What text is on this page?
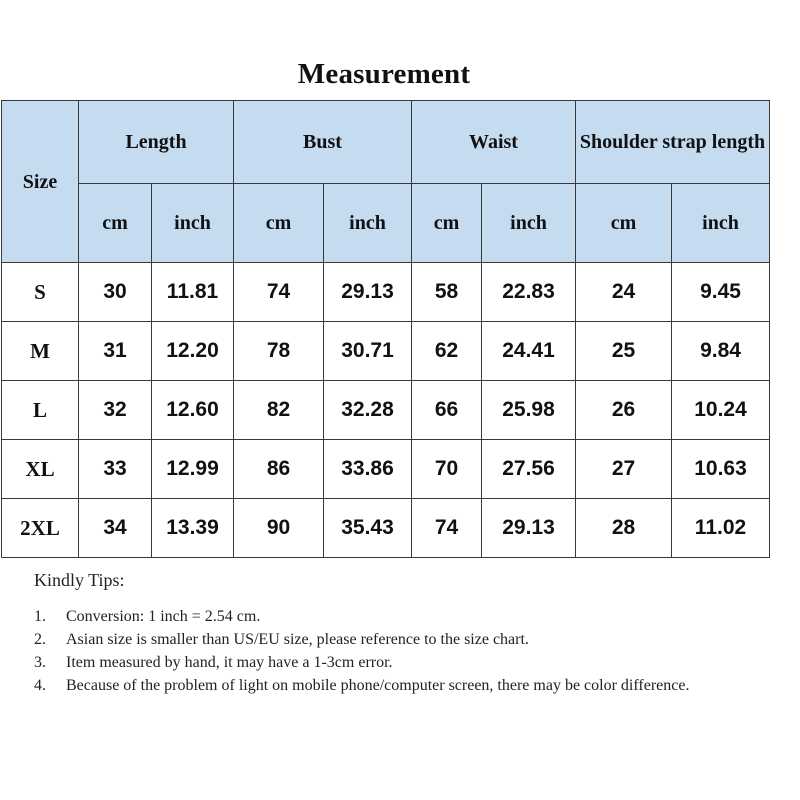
Measurement
Size	Length		Bust		Waist		Shoulder strap length	
	cm	inch	cm	inch	cm	inch	cm	inch
S	30	11.81	74	29.13	58	22.83	24	9.45
M	31	12.20	78	30.71	62	24.41	25	9.84
L	32	12.60	82	32.28	66	25.98	26	10.24
XL	33	12.99	86	33.86	70	27.56	27	10.63
2XL	34	13.39	90	35.43	74	29.13	28	11.02
Kindly Tips:
1.	Conversion: 1 inch = 2.54 cm.
2.	Asian size is smaller than US/EU size, please reference to the size chart.
3.	Item measured by hand, it may have a 1-3cm error.
4.	Because of the problem of light on mobile phone/computer screen, there may be color difference.
